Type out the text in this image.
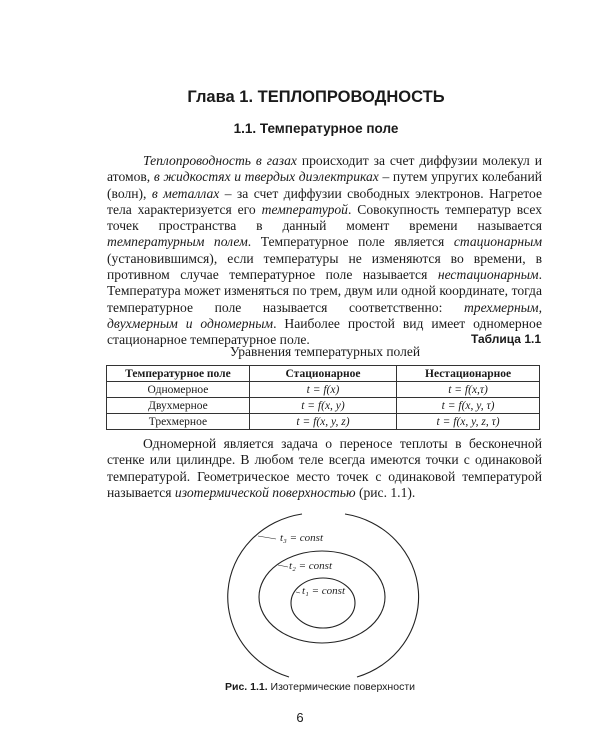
Глава 1. ТЕПЛОПРОВОДНОСТЬ
1.1. Температурное поле

Теплопроводность в газах происходит за счет диффузии молекул и атомов, в жидкостях и твердых диэлектриках – путем упругих колебаний (волн), в металлах – за счет диффузии свободных электронов. Нагретое тела характеризуется его температурой. Совокупность температур всех точек пространства в данный момент времени называется температурным полем. Температурное поле является стационарным (установившимся), если температуры не изменяются во времени, в противном случае температурное поле называется нестационарным. Температура может изменяться по трем, двум или одной координате, тогда температурное поле называется соответственно: трехмерным, двухмерным и одномерным. Наиболее простой вид имеет одномерное стационарное температурное поле.	Таблица 1.1
Уравнения температурных полей
Температурное поле	Стационарное	Нестационарное
Одномерное	t = f(x)	t = f(x,τ)
Двухмерное	t = f(x, y)	t = f(x, y, τ)
Трехмерное	t = f(x, y, z)	t = f(x, y, z, τ)

Одномерной является задача о переносе теплоты в бесконечной стенке или цилиндре. В любом теле всегда имеются точки с одинаковой температурой. Геометрическое место точек с одинаковой температурой называется изотермической поверхностью (рис. 1.1).

t₃ = const
t₂ = const
t₁ = const
Рис. 1.1. Изотермические поверхности
6
